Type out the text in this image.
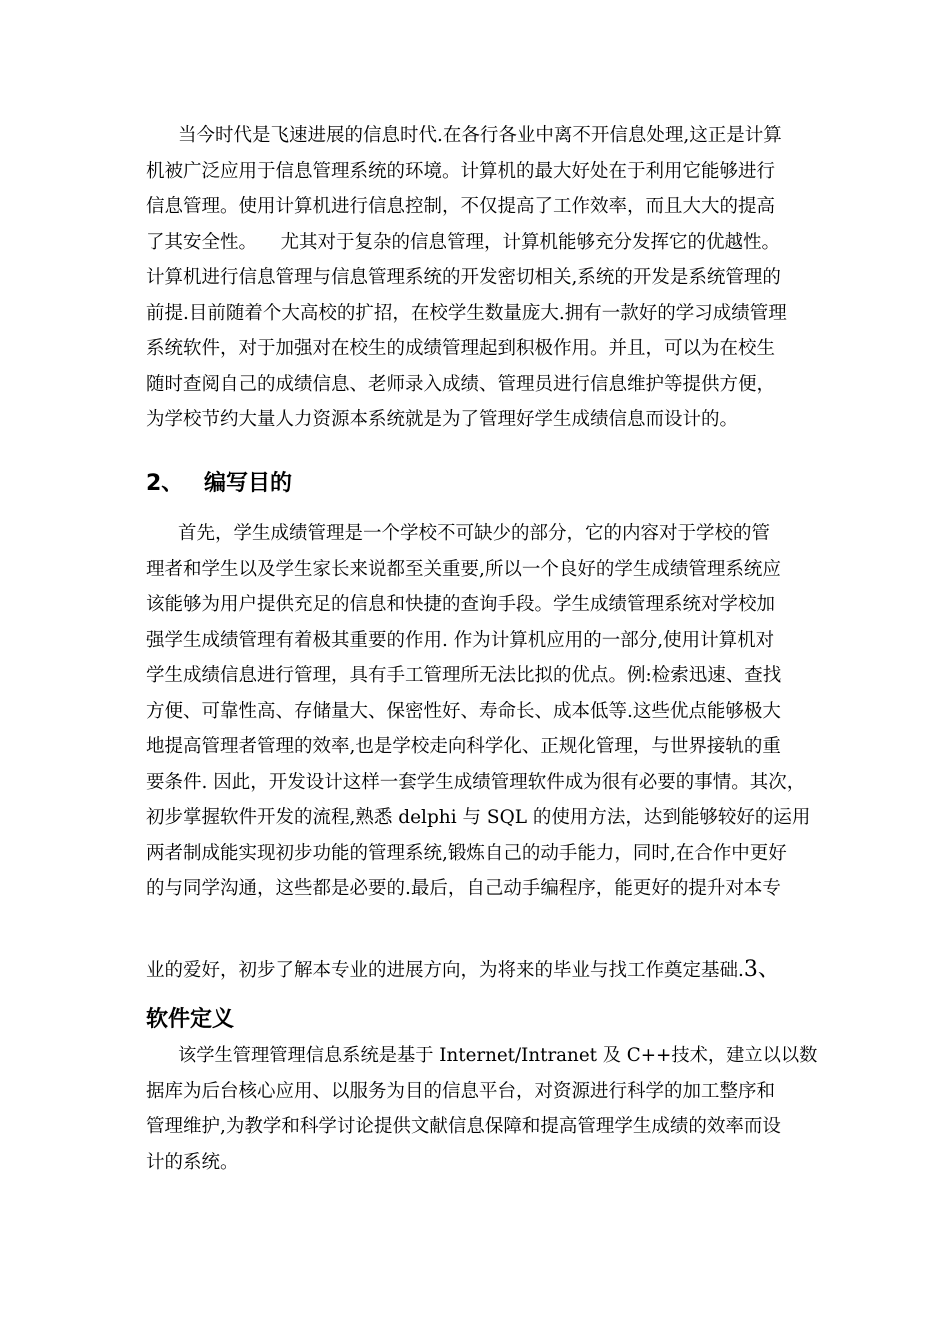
当今时代是飞速进展的信息时代.在各行各业中离不开信息处理,这正是计算
机被广泛应用于信息管理系统的环境。计算机的最大好处在于利用它能够进行
信息管理。使用计算机进行信息控制，不仅提高了工作效率，而且大大的提高
了其安全性。    尤其对于复杂的信息管理，计算机能够充分发挥它的优越性。
计算机进行信息管理与信息管理系统的开发密切相关,系统的开发是系统管理的
前提.目前随着个大高校的扩招，在校学生数量庞大.拥有一款好的学习成绩管理
系统软件，对于加强对在校生的成绩管理起到积极作用。并且，可以为在校生
随时查阅自己的成绩信息、老师录入成绩、管理员进行信息维护等提供方便，
为学校节约大量人力资源本系统就是为了管理好学生成绩信息而设计的。
2、 编写目的
首先，学生成绩管理是一个学校不可缺少的部分，它的内容对于学校的管
理者和学生以及学生家长来说都至关重要,所以一个良好的学生成绩管理系统应
该能够为用户提供充足的信息和快捷的查询手段。学生成绩管理系统对学校加
强学生成绩管理有着极其重要的作用. 作为计算机应用的一部分,使用计算机对
学生成绩信息进行管理，具有手工管理所无法比拟的优点。例:检索迅速、查找
方便、可靠性高、存储量大、保密性好、寿命长、成本低等.这些优点能够极大
地提高管理者管理的效率,也是学校走向科学化、正规化管理，与世界接轨的重
要条件. 因此，开发设计这样一套学生成绩管理软件成为很有必要的事情。其次，
初步掌握软件开发的流程,熟悉 delphi 与 SQL 的使用方法，达到能够较好的运用
两者制成能实现初步功能的管理系统,锻炼自己的动手能力，同时,在合作中更好
的与同学沟通，这些都是必要的.最后，自己动手编程序，能更好的提升对本专
业的爱好，初步了解本专业的进展方向，为将来的毕业与找工作奠定基础.3、
软件定义
该学生管理管理信息系统是基于 Internet/Intranet 及 C++技术，建立以以数
据库为后台核心应用、以服务为目的信息平台，对资源进行科学的加工整序和
管理维护,为教学和科学讨论提供文献信息保障和提高管理学生成绩的效率而设
计的系统。
